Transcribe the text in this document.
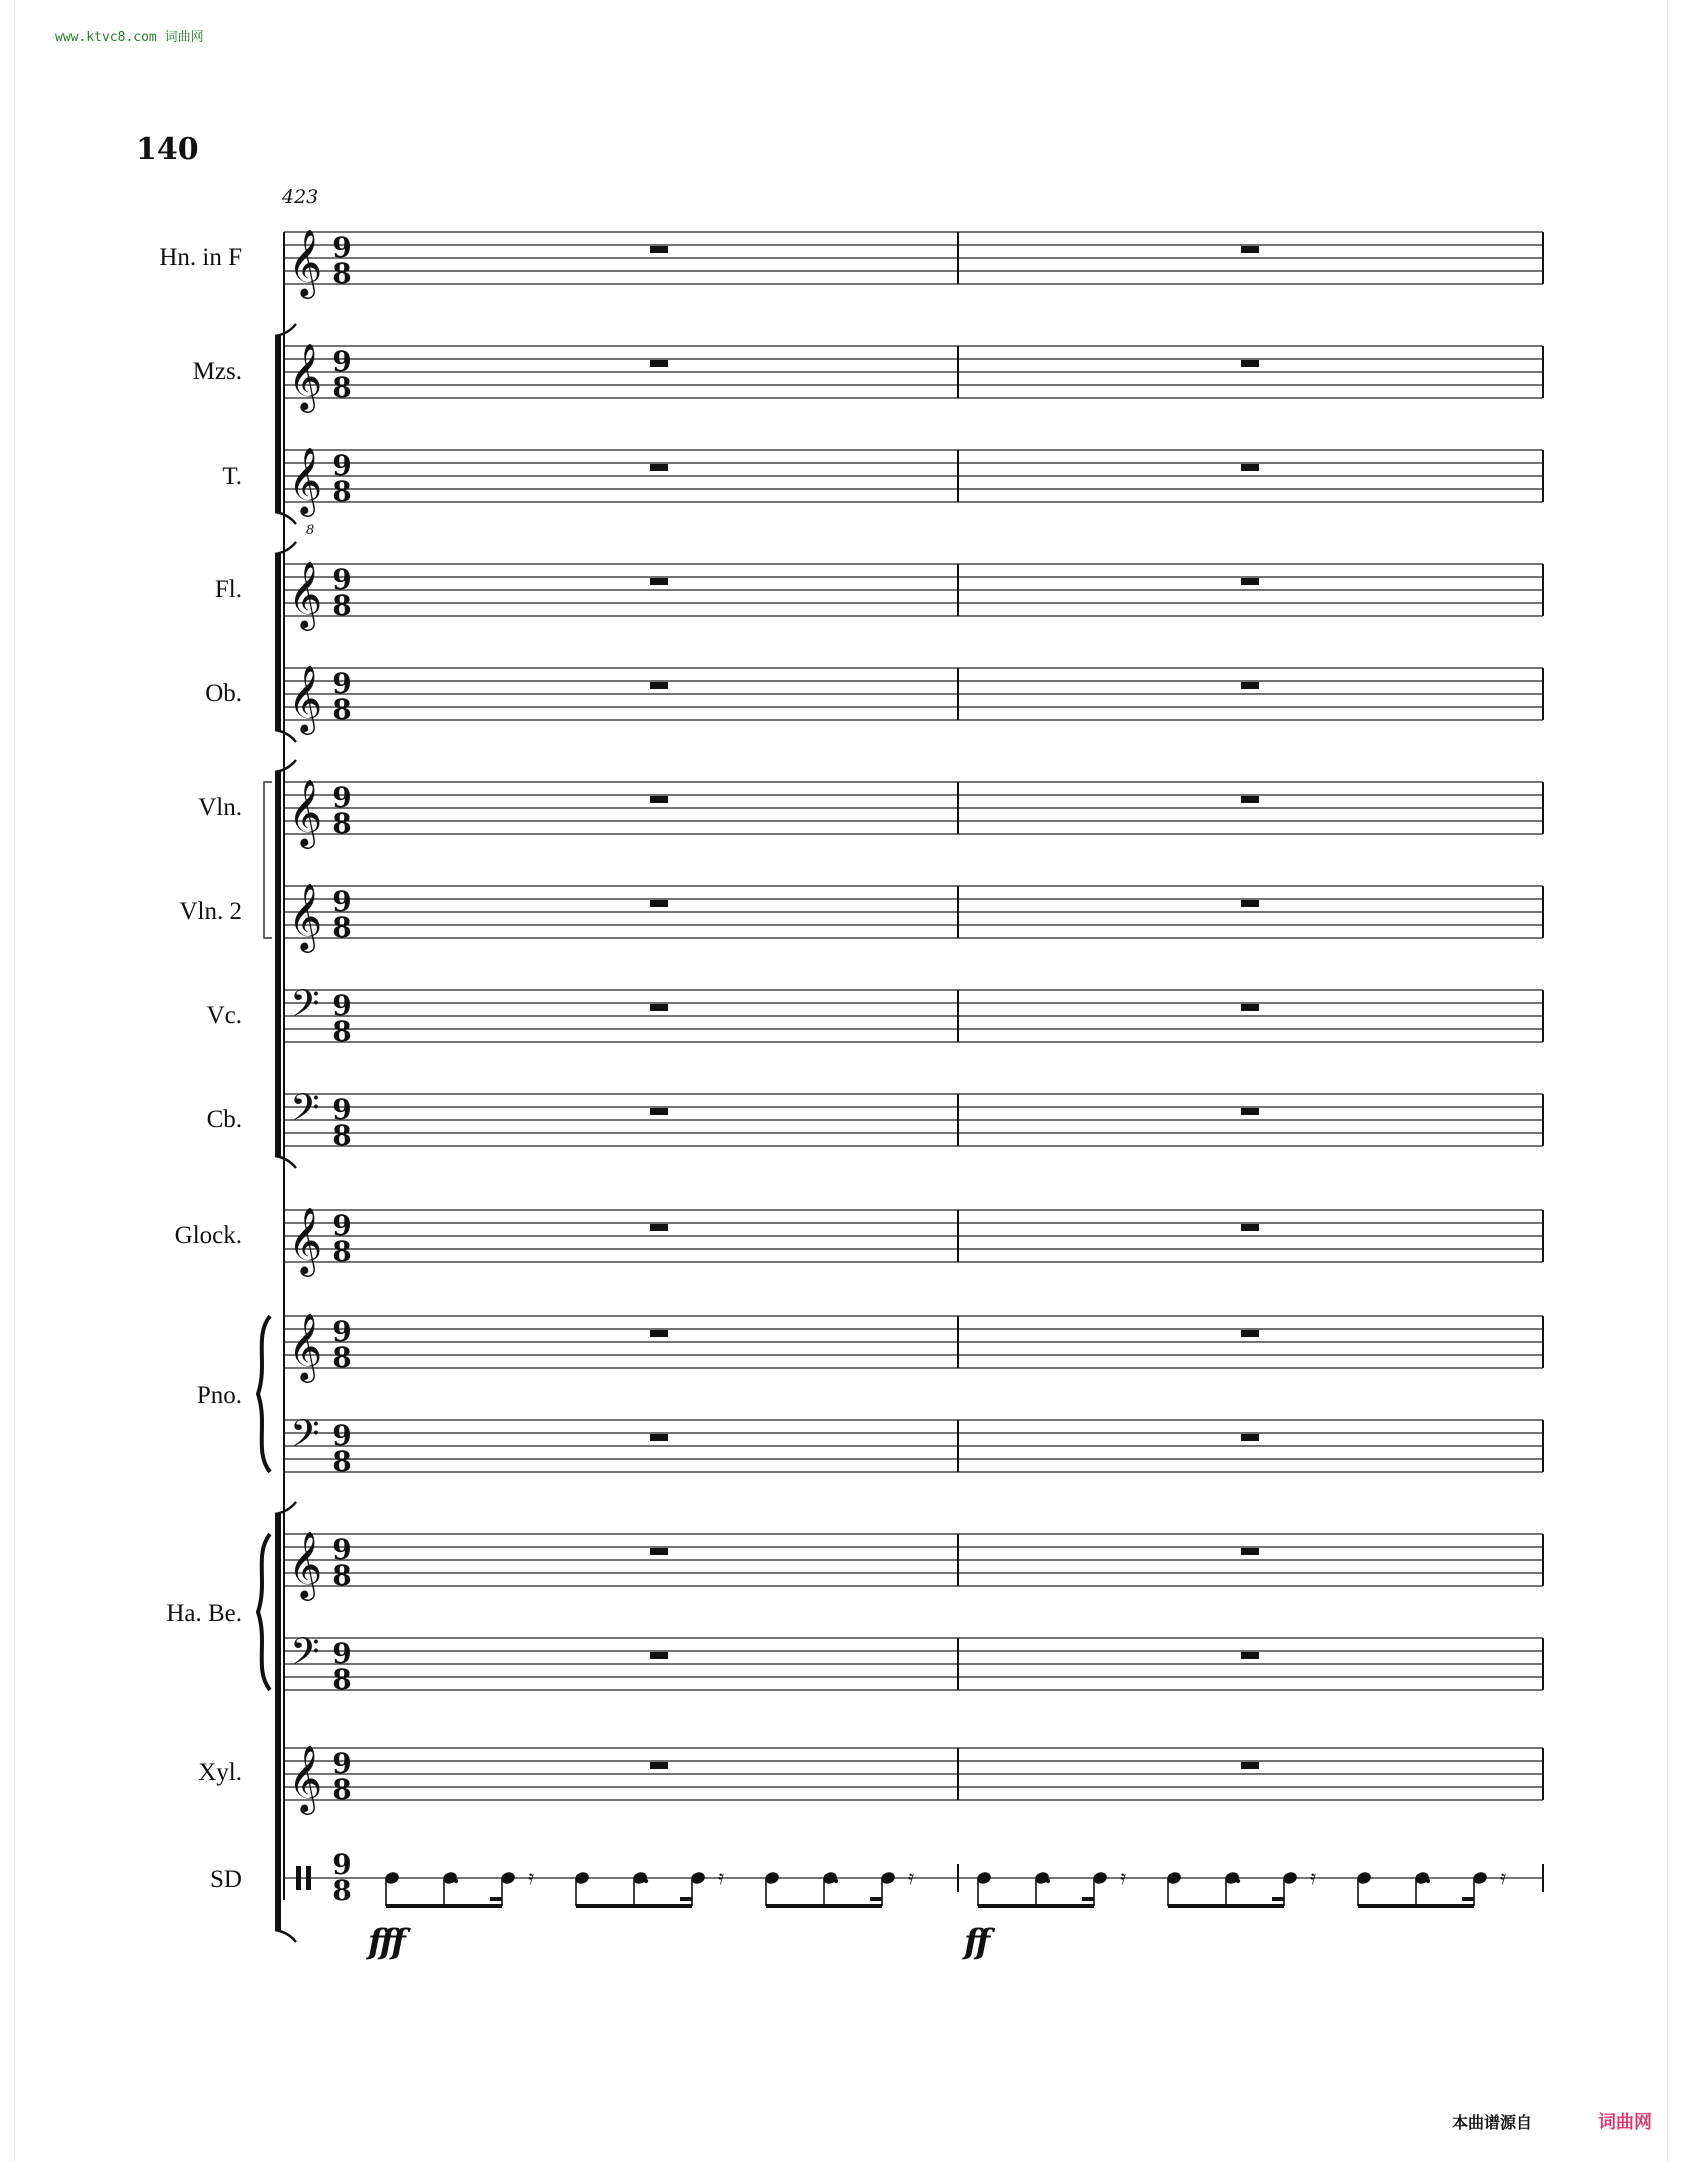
www.ktvc8.com 词曲网
140
423
Hn. in F
Mzs.
T.
Fl.
Ob.
Vln.
Vln. 2
Vc.
Cb.
Glock.
Pno.
Ha. Be.
Xyl.
SD
𝄞 9
8
𝄞 9
8
𝄞
8
9
8
𝄞 9
8
𝄞 9
8
𝄞 9
8
𝄞 9
8
𝄢 9
8
𝄢 9
8
𝄞 9
8
𝄞 9
8
𝄢 9
8
𝄞 9
8
𝄢 9
8
𝄞 9
8
9
8	𝄿	𝄿	𝄿	𝄿	𝄿	𝄿
fff	ff
本曲谱源自	词曲网
